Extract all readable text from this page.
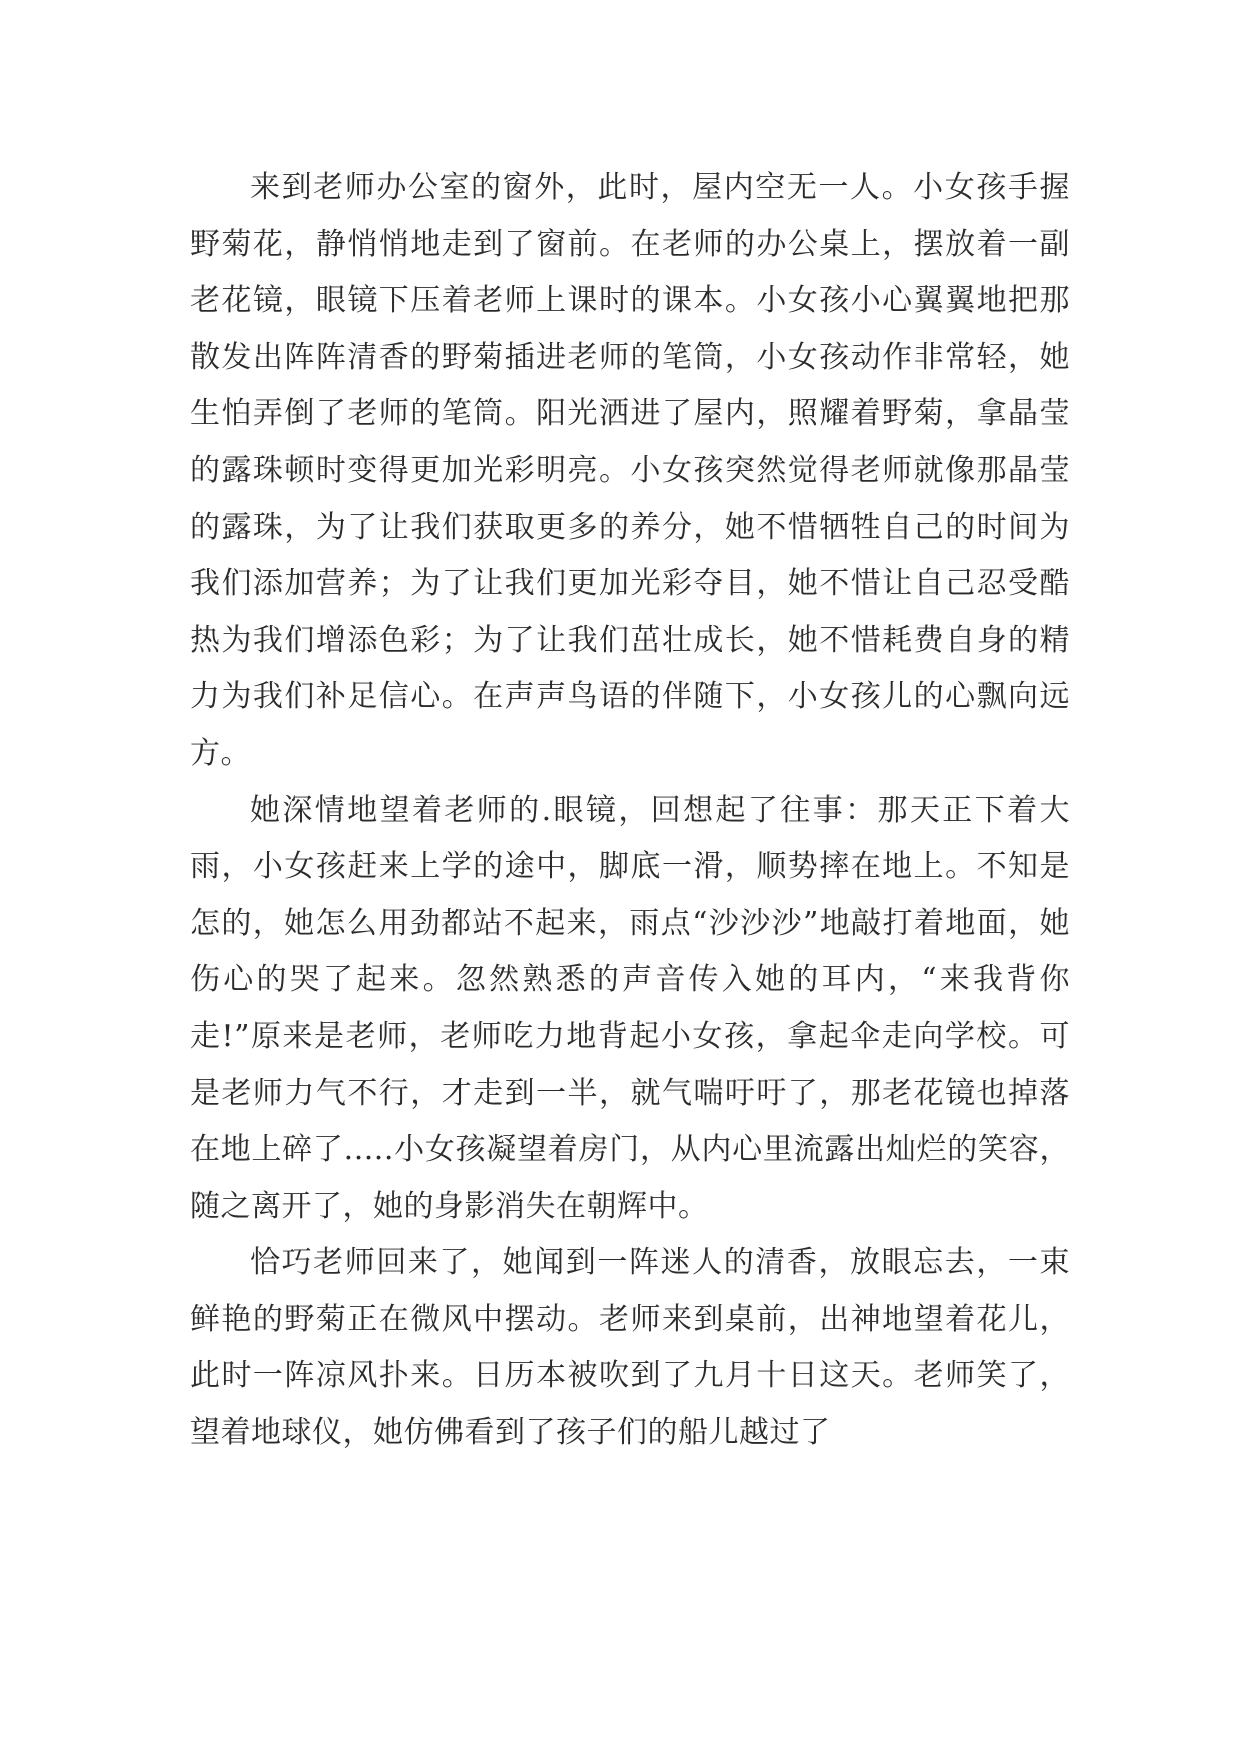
来到老师办公室的窗外，此时，屋内空无一人。小女孩手握野菊花，静悄悄地走到了窗前。在老师的办公桌上，摆放着一副老花镜，眼镜下压着老师上课时的课本。小女孩小心翼翼地把那散发出阵阵清香的野菊插进老师的笔筒，小女孩动作非常轻，她生怕弄倒了老师的笔筒。阳光洒进了屋内，照耀着野菊，拿晶莹的露珠顿时变得更加光彩明亮。小女孩突然觉得老师就像那晶莹的露珠，为了让我们获取更多的养分，她不惜牺牲自己的时间为我们添加营养；为了让我们更加光彩夺目，她不惜让自己忍受酷热为我们增添色彩；为了让我们茁壮成长，她不惜耗费自身的精力为我们补足信心。在声声鸟语的伴随下，小女孩儿的心飘向远方。

她深情地望着老师的.眼镜，回想起了往事：那天正下着大雨，小女孩赶来上学的途中，脚底一滑，顺势摔在地上。不知是怎的，她怎么用劲都站不起来，雨点“沙沙沙”地敲打着地面，她伤心的哭了起来。忽然熟悉的声音传入她的耳内，“来我背你走!”原来是老师，老师吃力地背起小女孩，拿起伞走向学校。可是老师力气不行，才走到一半，就气喘吁吁了，那老花镜也掉落在地上碎了.....小女孩凝望着房门，从内心里流露出灿烂的笑容，随之离开了，她的身影消失在朝辉中。

恰巧老师回来了，她闻到一阵迷人的清香，放眼忘去，一束鲜艳的野菊正在微风中摆动。老师来到桌前，出神地望着花儿，此时一阵凉风扑来。日历本被吹到了九月十日这天。老师笑了，望着地球仪，她仿佛看到了孩子们的船儿越过了
